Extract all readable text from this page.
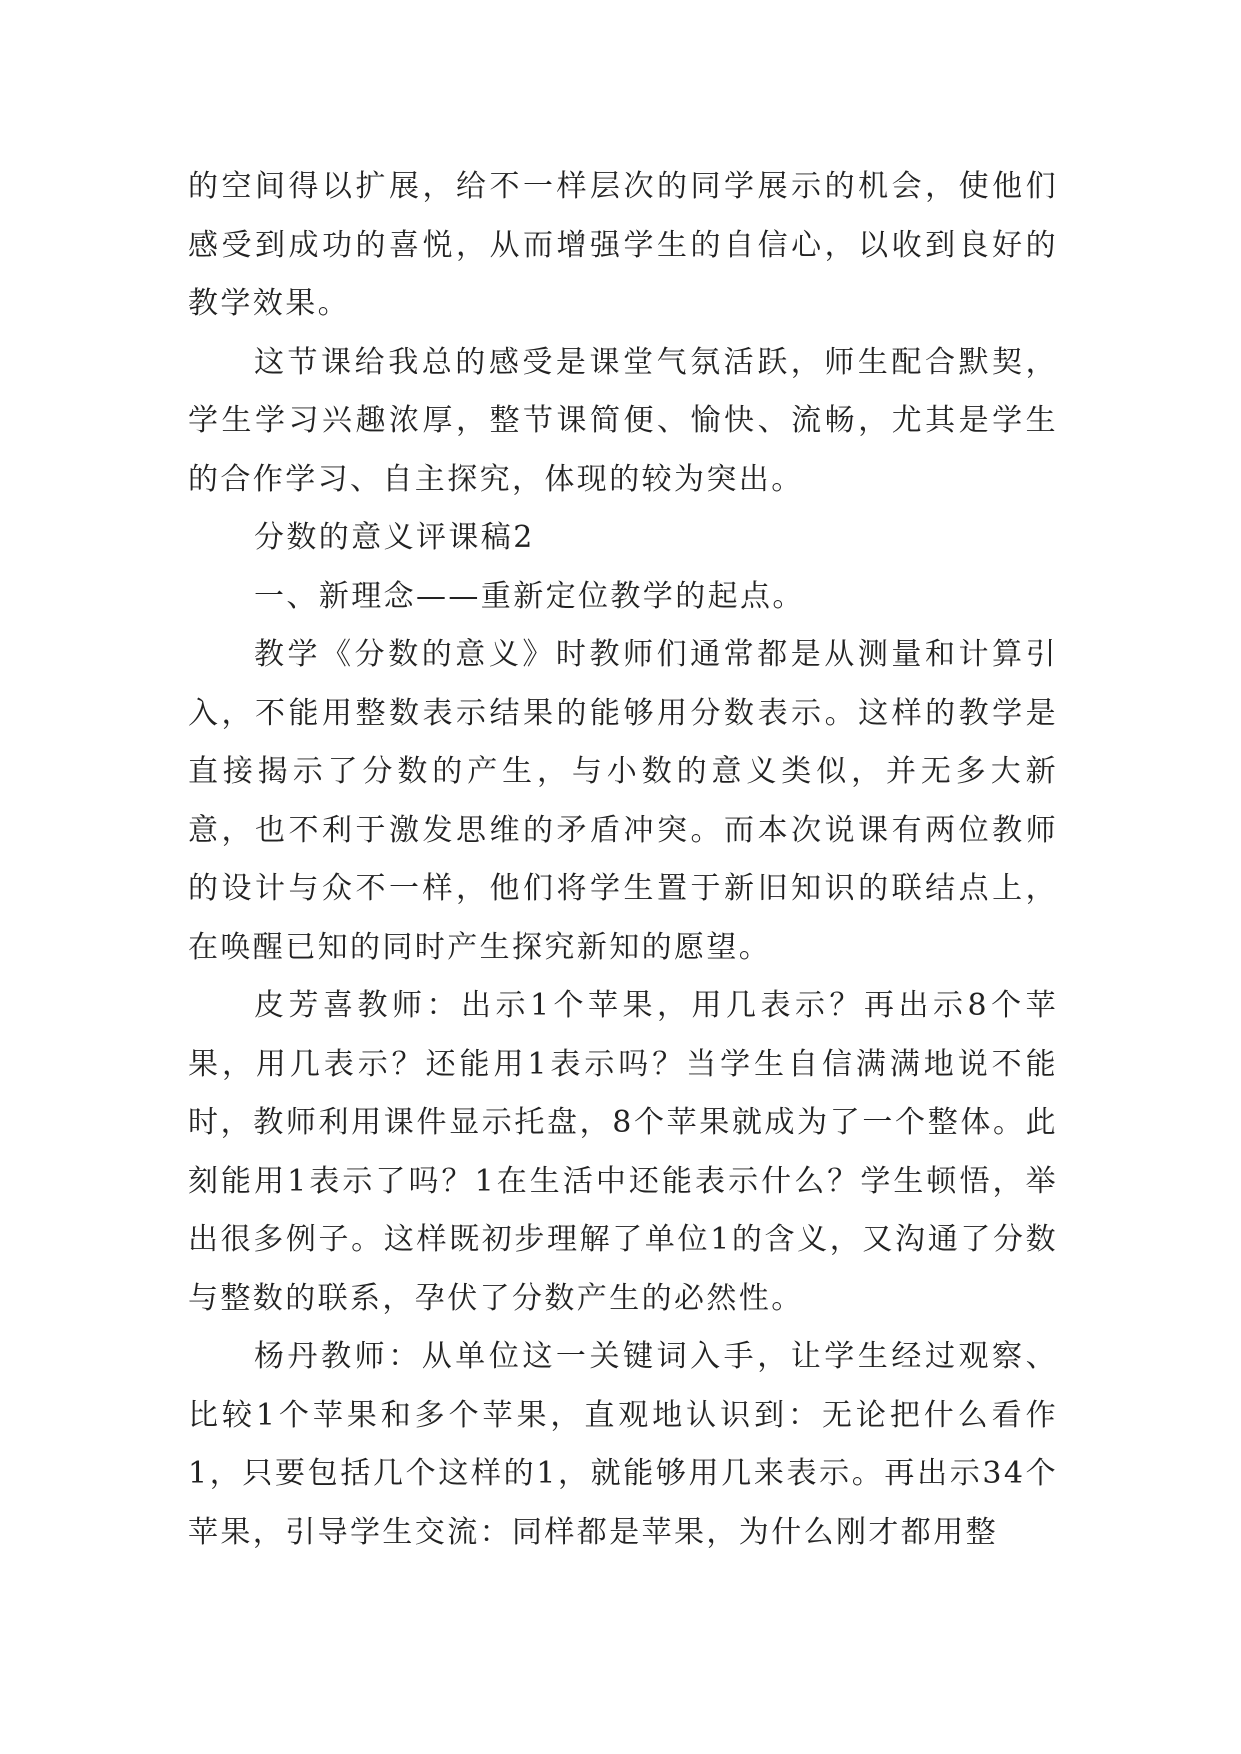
的空间得以扩展，给不一样层次的同学展示的机会，使他们感受到成功的喜悦，从而增强学生的自信心，以收到良好的教学效果。

这节课给我总的感受是课堂气氛活跃，师生配合默契，学生学习兴趣浓厚，整节课简便、愉快、流畅，尤其是学生的合作学习、自主探究，体现的较为突出。

分数的意义评课稿2

一、新理念——重新定位教学的起点。

教学《分数的意义》时教师们通常都是从测量和计算引入，不能用整数表示结果的能够用分数表示。这样的教学是直接揭示了分数的产生，与小数的意义类似，并无多大新意，也不利于激发思维的矛盾冲突。而本次说课有两位教师的设计与众不一样，他们将学生置于新旧知识的联结点上，在唤醒已知的同时产生探究新知的愿望。

皮芳喜教师：出示1个苹果，用几表示？再出示8个苹果，用几表示？还能用1表示吗？当学生自信满满地说不能时，教师利用课件显示托盘，8个苹果就成为了一个整体。此刻能用1表示了吗？1在生活中还能表示什么？学生顿悟，举出很多例子。这样既初步理解了单位1的含义，又沟通了分数与整数的联系，孕伏了分数产生的必然性。

杨丹教师：从单位这一关键词入手，让学生经过观察、比较1个苹果和多个苹果，直观地认识到：无论把什么看作1，只要包括几个这样的1，就能够用几来表示。再出示34个苹果，引导学生交流：同样都是苹果，为什么刚才都用整
